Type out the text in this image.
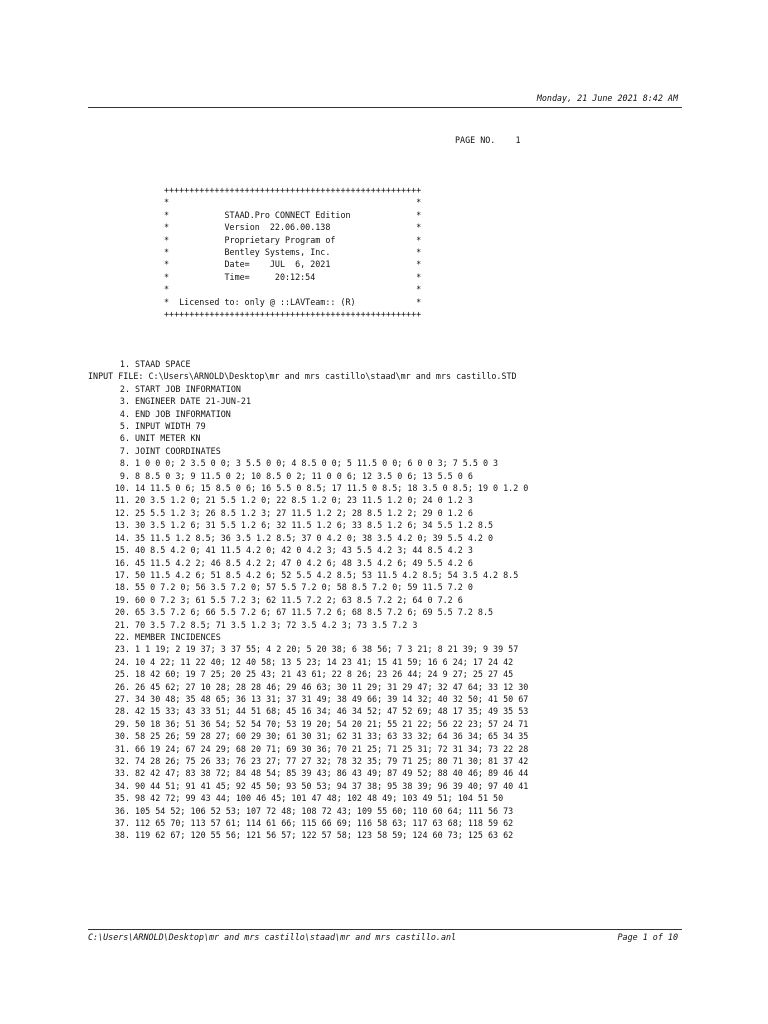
Monday, 21 June 2021 8:42 AM
PAGE NO.    1
+++++++++++++++++++++++++++++++++++++++++++++++++++
*                                                 *
*           STAAD.Pro CONNECT Edition             *
*           Version  22.06.00.138                 *
*           Proprietary Program of                *
*           Bentley Systems, Inc.                 *
*           Date=    JUL  6, 2021                 *
*           Time=     20:12:54                    *
*                                                 *
*  Licensed to: only @ ::LAVTeam:: (R)            *
+++++++++++++++++++++++++++++++++++++++++++++++++++
1. STAAD SPACE
INPUT FILE: C:\Users\ARNOLD\Desktop\mr and mrs castillo\staad\mr and mrs castillo.STD
2. START JOB INFORMATION
3. ENGINEER DATE 21-JUN-21
4. END JOB INFORMATION
5. INPUT WIDTH 79
6. UNIT METER KN
7. JOINT COORDINATES
8. 1 0 0 0; 2 3.5 0 0; 3 5.5 0 0; 4 8.5 0 0; 5 11.5 0 0; 6 0 0 3; 7 5.5 0 3
9. 8 8.5 0 3; 9 11.5 0 2; 10 8.5 0 2; 11 0 0 6; 12 3.5 0 6; 13 5.5 0 6
10. 14 11.5 0 6; 15 8.5 0 6; 16 5.5 0 8.5; 17 11.5 0 8.5; 18 3.5 0 8.5; 19 0 1.2 0
11. 20 3.5 1.2 0; 21 5.5 1.2 0; 22 8.5 1.2 0; 23 11.5 1.2 0; 24 0 1.2 3
12. 25 5.5 1.2 3; 26 8.5 1.2 3; 27 11.5 1.2 2; 28 8.5 1.2 2; 29 0 1.2 6
13. 30 3.5 1.2 6; 31 5.5 1.2 6; 32 11.5 1.2 6; 33 8.5 1.2 6; 34 5.5 1.2 8.5
14. 35 11.5 1.2 8.5; 36 3.5 1.2 8.5; 37 0 4.2 0; 38 3.5 4.2 0; 39 5.5 4.2 0
15. 40 8.5 4.2 0; 41 11.5 4.2 0; 42 0 4.2 3; 43 5.5 4.2 3; 44 8.5 4.2 3
16. 45 11.5 4.2 2; 46 8.5 4.2 2; 47 0 4.2 6; 48 3.5 4.2 6; 49 5.5 4.2 6
17. 50 11.5 4.2 6; 51 8.5 4.2 6; 52 5.5 4.2 8.5; 53 11.5 4.2 8.5; 54 3.5 4.2 8.5
18. 55 0 7.2 0; 56 3.5 7.2 0; 57 5.5 7.2 0; 58 8.5 7.2 0; 59 11.5 7.2 0
19. 60 0 7.2 3; 61 5.5 7.2 3; 62 11.5 7.2 2; 63 8.5 7.2 2; 64 0 7.2 6
20. 65 3.5 7.2 6; 66 5.5 7.2 6; 67 11.5 7.2 6; 68 8.5 7.2 6; 69 5.5 7.2 8.5
21. 70 3.5 7.2 8.5; 71 3.5 1.2 3; 72 3.5 4.2 3; 73 3.5 7.2 3
22. MEMBER INCIDENCES
23. 1 1 19; 2 19 37; 3 37 55; 4 2 20; 5 20 38; 6 38 56; 7 3 21; 8 21 39; 9 39 57
24. 10 4 22; 11 22 40; 12 40 58; 13 5 23; 14 23 41; 15 41 59; 16 6 24; 17 24 42
25. 18 42 60; 19 7 25; 20 25 43; 21 43 61; 22 8 26; 23 26 44; 24 9 27; 25 27 45
26. 26 45 62; 27 10 28; 28 28 46; 29 46 63; 30 11 29; 31 29 47; 32 47 64; 33 12 30
27. 34 30 48; 35 48 65; 36 13 31; 37 31 49; 38 49 66; 39 14 32; 40 32 50; 41 50 67
28. 42 15 33; 43 33 51; 44 51 68; 45 16 34; 46 34 52; 47 52 69; 48 17 35; 49 35 53
29. 50 18 36; 51 36 54; 52 54 70; 53 19 20; 54 20 21; 55 21 22; 56 22 23; 57 24 71
30. 58 25 26; 59 28 27; 60 29 30; 61 30 31; 62 31 33; 63 33 32; 64 36 34; 65 34 35
31. 66 19 24; 67 24 29; 68 20 71; 69 30 36; 70 21 25; 71 25 31; 72 31 34; 73 22 28
32. 74 28 26; 75 26 33; 76 23 27; 77 27 32; 78 32 35; 79 71 25; 80 71 30; 81 37 42
33. 82 42 47; 83 38 72; 84 48 54; 85 39 43; 86 43 49; 87 49 52; 88 40 46; 89 46 44
34. 90 44 51; 91 41 45; 92 45 50; 93 50 53; 94 37 38; 95 38 39; 96 39 40; 97 40 41
35. 98 42 72; 99 43 44; 100 46 45; 101 47 48; 102 48 49; 103 49 51; 104 51 50
36. 105 54 52; 106 52 53; 107 72 48; 108 72 43; 109 55 60; 110 60 64; 111 56 73
37. 112 65 70; 113 57 61; 114 61 66; 115 66 69; 116 58 63; 117 63 68; 118 59 62
38. 119 62 67; 120 55 56; 121 56 57; 122 57 58; 123 58 59; 124 60 73; 125 63 62
C:\Users\ARNOLD\Desktop\mr and mrs castillo\staad\mr and mrs castillo.anl	Page 1 of 10
